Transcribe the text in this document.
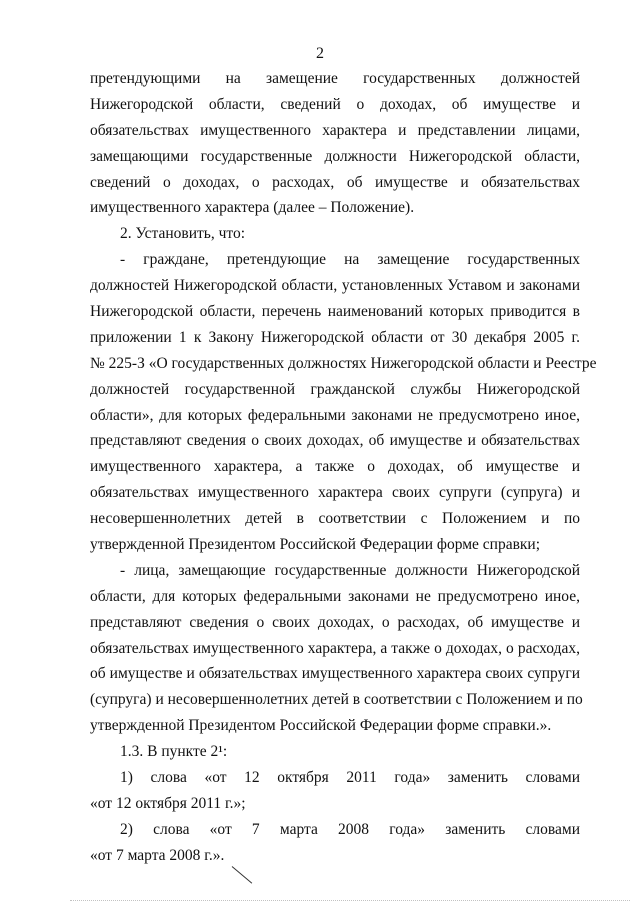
2
претендующими на замещение государственных должностей
Нижегородской области, сведений о доходах, об имуществе и
обязательствах имущественного характера и представлении лицами,
замещающими государственные должности Нижегородской области,
сведений о доходах, о расходах, об имуществе и обязательствах
имущественного характера (далее – Положение).
2. Установить, что:
- граждане, претендующие на замещение государственных
должностей Нижегородской области, установленных Уставом и законами
Нижегородской области, перечень наименований которых приводится в
приложении 1 к Закону Нижегородской области от 30 декабря 2005 г.
№ 225-З «О государственных должностях Нижегородской области и Реестре
должностей государственной гражданской службы Нижегородской
области», для которых федеральными законами не предусмотрено иное,
представляют сведения о своих доходах, об имуществе и обязательствах
имущественного характера, а также о доходах, об имуществе и
обязательствах имущественного характера своих супруги (супруга) и
несовершеннолетних детей в соответствии с Положением и по
утвержденной Президентом Российской Федерации форме справки;
- лица, замещающие государственные должности Нижегородской
области, для которых федеральными законами не предусмотрено иное,
представляют сведения о своих доходах, о расходах, об имуществе и
обязательствах имущественного характера, а также о доходах, о расходах,
об имуществе и обязательствах имущественного характера своих супруги
(супруга) и несовершеннолетних детей в соответствии с Положением и по
утвержденной Президентом Российской Федерации форме справки.».
1.3. В пункте 2¹:
1) слова «от 12 октября 2011 года» заменить словами
«от 12 октября 2011 г.»;
2) слова «от 7 марта 2008 года» заменить словами
«от 7 марта 2008 г.».
